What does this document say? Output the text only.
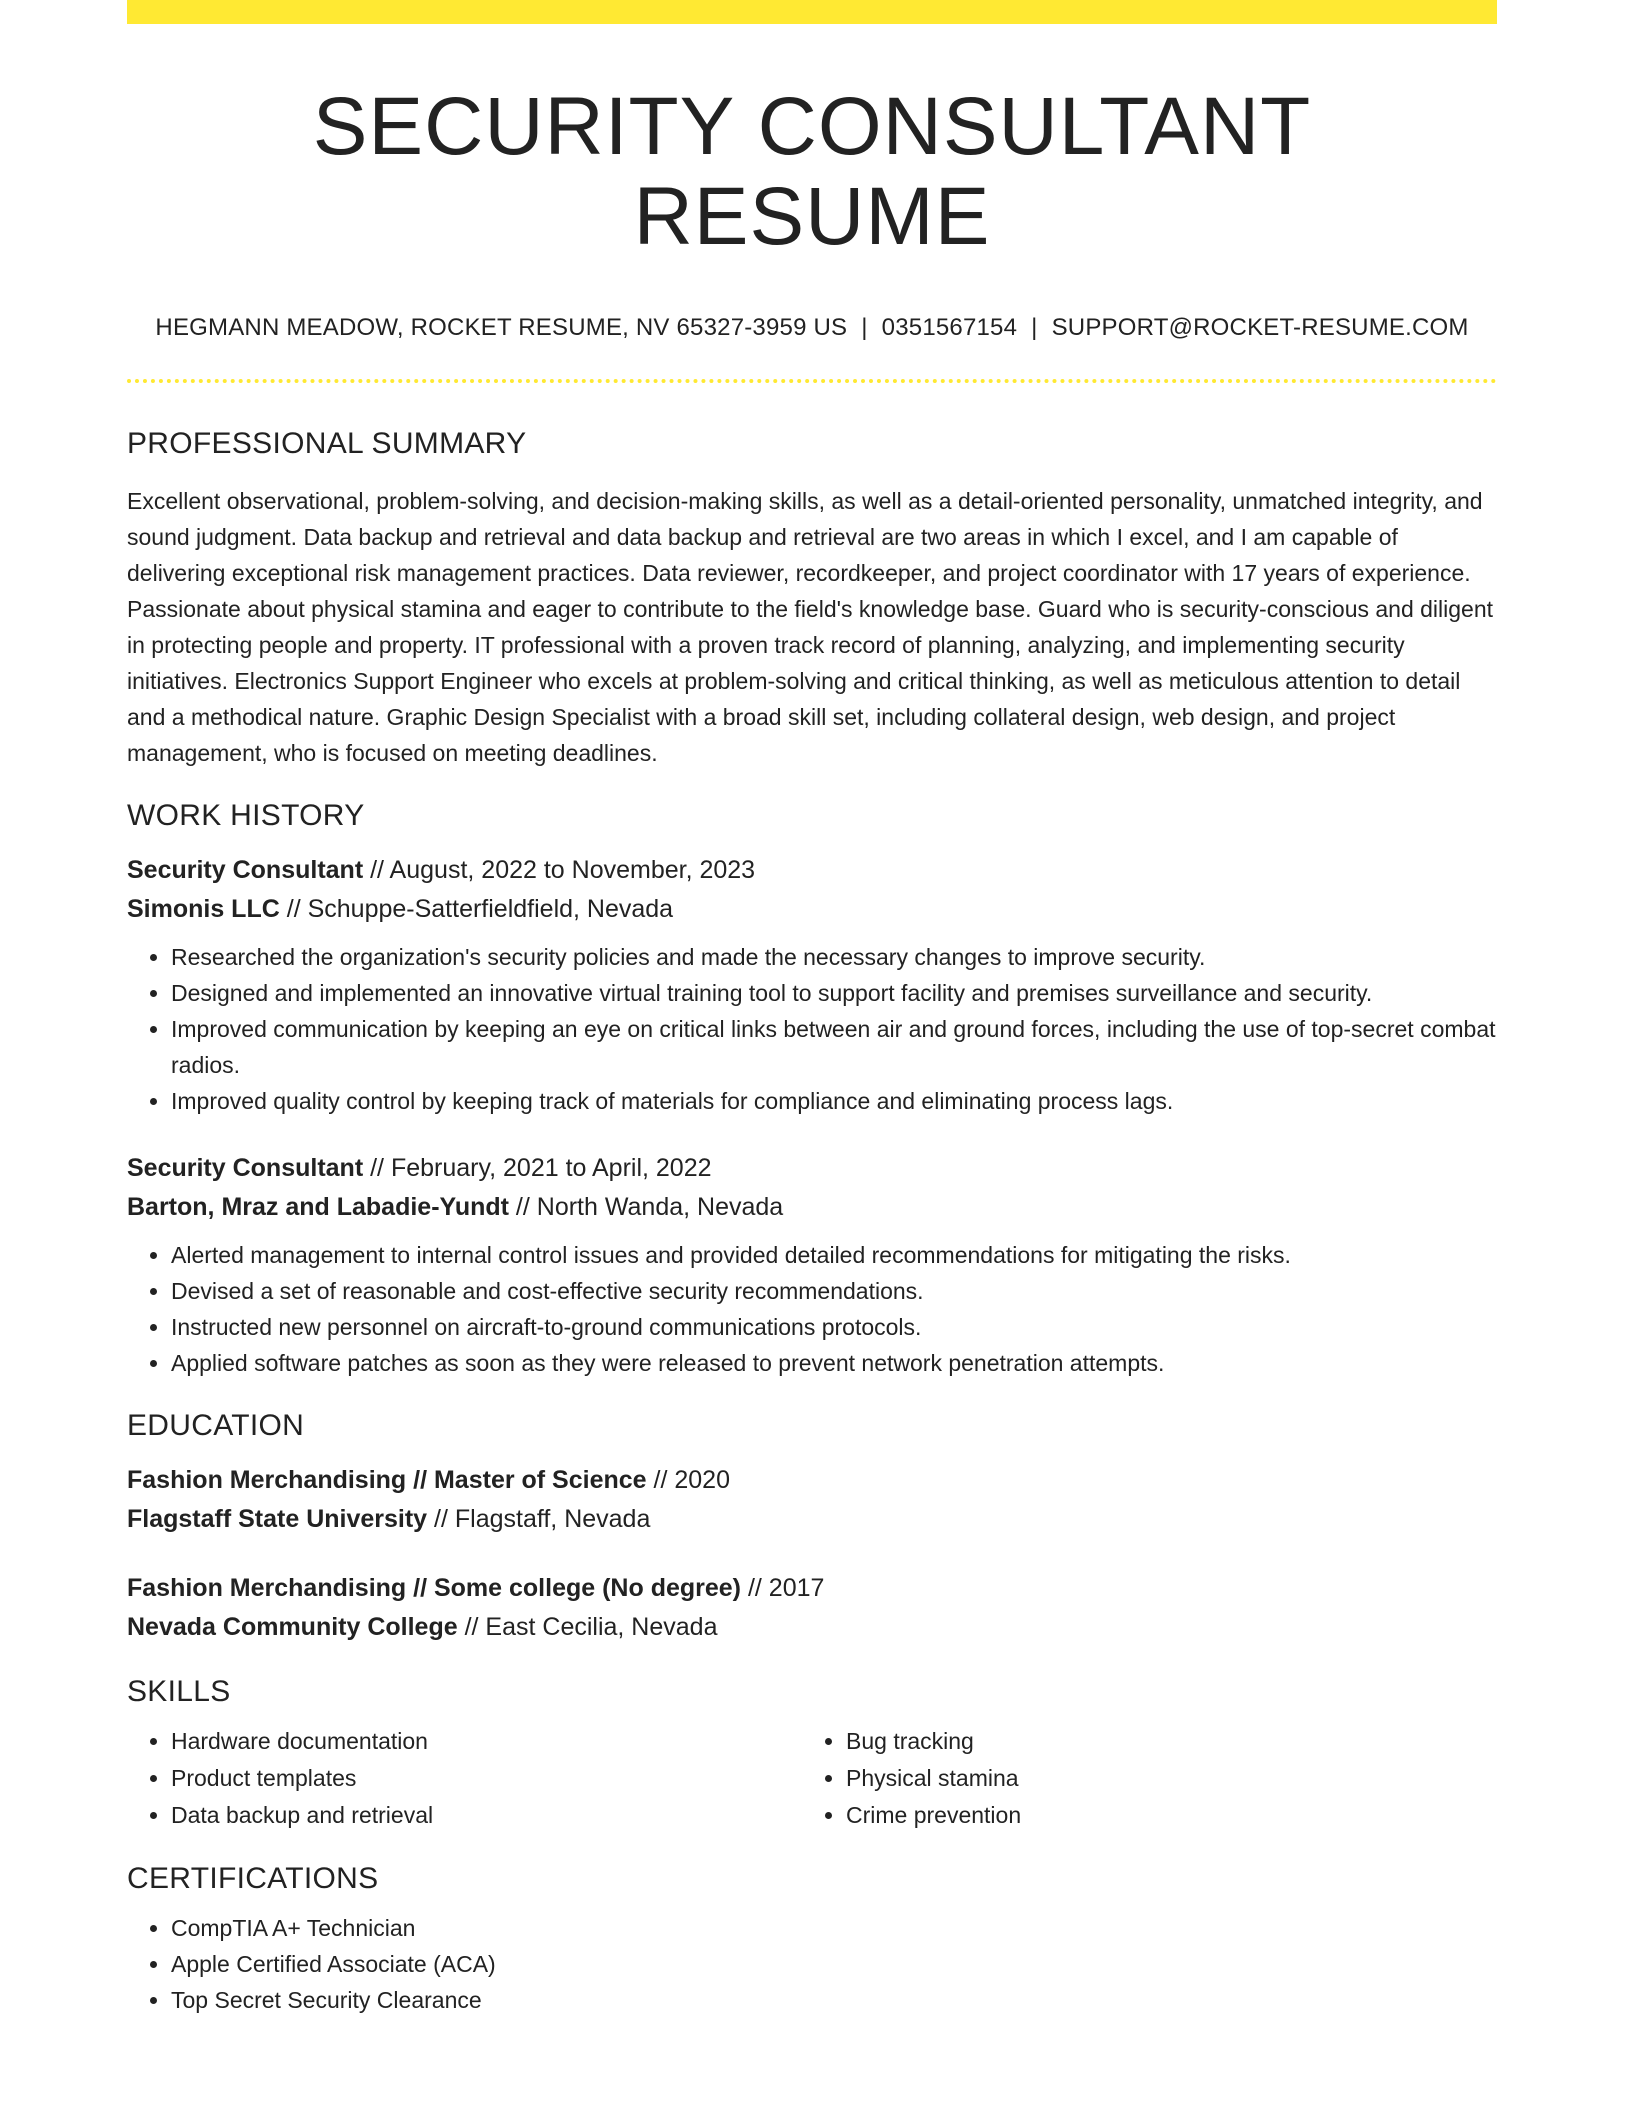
SECURITY CONSULTANT RESUME
HEGMANN MEADOW, ROCKET RESUME, NV 65327-3959 US | 0351567154 | SUPPORT@ROCKET-RESUME.COM
PROFESSIONAL SUMMARY

Excellent observational, problem-solving, and decision-making skills, as well as a detail-oriented personality, unmatched integrity, and sound judgment. Data backup and retrieval and data backup and retrieval are two areas in which I excel, and I am capable of delivering exceptional risk management practices. Data reviewer, recordkeeper, and project coordinator with 17 years of experience. Passionate about physical stamina and eager to contribute to the field's knowledge base. Guard who is security-conscious and diligent in protecting people and property. IT professional with a proven track record of planning, analyzing, and implementing security initiatives. Electronics Support Engineer who excels at problem-solving and critical thinking, as well as meticulous attention to detail and a methodical nature. Graphic Design Specialist with a broad skill set, including collateral design, web design, and project management, who is focused on meeting deadlines.

WORK HISTORY
Security Consultant // August, 2022 to November, 2023
Simonis LLC // Schuppe-Satterfieldfield, Nevada
• Researched the organization's security policies and made the necessary changes to improve security.
• Designed and implemented an innovative virtual training tool to support facility and premises surveillance and security.
• Improved communication by keeping an eye on critical links between air and ground forces, including the use of top-secret combat radios.
• Improved quality control by keeping track of materials for compliance and eliminating process lags.
Security Consultant // February, 2021 to April, 2022
Barton, Mraz and Labadie-Yundt // North Wanda, Nevada
• Alerted management to internal control issues and provided detailed recommendations for mitigating the risks.
• Devised a set of reasonable and cost-effective security recommendations.
• Instructed new personnel on aircraft-to-ground communications protocols.
• Applied software patches as soon as they were released to prevent network penetration attempts.
EDUCATION
Fashion Merchandising // Master of Science // 2020
Flagstaff State University // Flagstaff, Nevada
Fashion Merchandising // Some college (No degree) // 2017
Nevada Community College // East Cecilia, Nevada
SKILLS
• Hardware documentation
• Product templates
• Data backup and retrieval
• Bug tracking
• Physical stamina
• Crime prevention
CERTIFICATIONS
• CompTIA A+ Technician
• Apple Certified Associate (ACA)
• Top Secret Security Clearance
